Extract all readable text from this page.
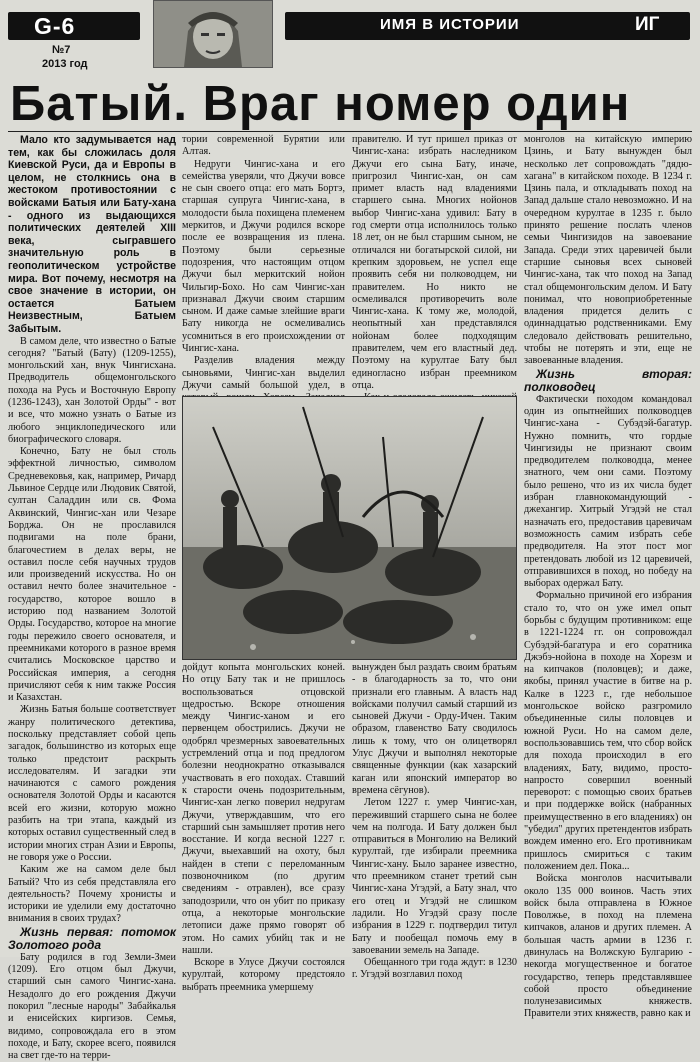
G-6
№7
2013 год
ИМЯ В ИСТОРИИ	ИГ
Батый. Враг номер один

Мало кто задумывается над тем, как бы сложилась доля Киевской Руси, да и Европы в целом, не столкнись она в жестоком противостоянии с войсками Батыя или Бату-хана - одного из выдающихся политических деятелей XIII века, сыгравшего значительную роль в геополитическом устройстве мира. Вот почему, несмотря на свое значение в истории, он остается Батыем Неизвестным, Батыем Забытым.

В самом деле, что известно о Батые сегодня? "Батый (Бату) (1209-1255), монгольский хан, внук Чингисхана. Предводитель общемонгольского похода на Русь и Восточную Европу (1236-1243), хан Золотой Орды" - вот и все, что можно узнать о Батые из любого энциклопедического или биографического словаря.

Конечно, Бату не был столь эффектной личностью, символом Средневековья, как, например, Ричард Львиное Сердце или Людовик Святой, султан Саладдин или св. Фома Аквинский, Чингис-хан или Чезаре Борджа. Он не прославился подвигами на поле брани, благочестием в делах веры, не оставил после себя научных трудов или произведений искусства. Но он оставил нечто более значительное - государство, которое вошло в историю под названием Золотой Орды. Государство, которое на многие годы пережило своего основателя, и преемниками которого в разное время считались Московское царство и Российская империя, а сегодня причисляют себя к ним также Россия и Казахстан.

Жизнь Батыя больше соответствует жанру политического детектива, поскольку представляет собой цепь загадок, большинство из которых еще только предстоит раскрыть исследователям. И загадки эти начинаются с самого рождения основателя Золотой Орды и касаются всей его жизни, которую можно разбить на три этапа, каждый из которых оставил существенный след в истории многих стран Азии и Европы, не говоря уже о России.

Каким же на самом деле был Батый? Что из себя представляла его деятельность? Почему хронисты и историки ие уделили ему достаточно внимания в своих трудах?

Жизнь первая: потомок Золотого рода

Бату родился в год Земли-Змеи (1209). Его отцом был Джучи, старший сын самого Чингис-хана. Незадолго до его рождения Джучи покорил "лесные народы" Забайкалья и енисейских киргизов. Семья, видимо, сопровождала его в этом походе, и Бату, скорее всего, появился на свет где-то на терри-

тории современной Бурятии или Алтая.

Недруги Чингис-хана и его семейства уверяли, что Джучи вовсе не сын своего отца: его мать Бортэ, старшая супруга Чингис-хана, в молодости была похищена племенем меркитов, и Джучи родился вскоре после ее возвращения из плена. Поэтому были серьезные подозрения, что настоящим отцом Джучи был меркитский нойон Чильгир-Бохо. Но сам Чингис-хан признавал Джучи своим старшим сыном. И даже самые злейшие враги Бату никогда не осмеливались усомниться в его происхождении от Чингис-хана.

Разделив владения между сыновьями, Чингис-хан выделил Джучи самый большой удел, в

правителю. И тут пришел приказ от Чингис-хана: избрать наследником Джучи его сына Бату, иначе, пригрозил Чингис-хан, он сам примет власть над владениями старшего сына. Многих нойонов выбор Чингис-хана удивил: Бату в год смерти отца исполнилось только 18 лет, он не был старшим сыном, не отличался ни богатырской силой, ни крепким здоровьем, не успел еще проявить себя ни полководцем, ни правителем. Но никто не осмеливался противоречить воле Чингис-хана. К тому же, молодой, неопытный хан представлялся нойонам более подходящим правителем, чем его властный дед. Поэтому на курултае Бату был единогласно избран преемником отца.

дойдут копыта монгольских коней. Но отцу Бату так и не пришлось воспользоваться отцовской щедростью. Вскоре отношения между Чингис-ханом и его первенцем обострились. Джучи не одобрял чрезмерных завоевательных устремлений отца и под предлогом болезни неоднократно отказывался участвовать в его походах. Ставший к старости очень подозрительным, Чингис-хан легко поверил недругам Джучи, утверждавшим, что его старший сын замышляет против него восстание. И когда весной 1227 г. Джучи, выехавший на охоту, был найден в степи с переломанным позвоночником (по другим сведениям - отравлен), все сразу заподозрили, что он убит по приказу отца, а некоторые монгольские летописи даже прямо говорят об этом. Но самих убийц так и не нашли.

Вскоре в Улусе Джучи состоялся курултай, которому предстояло выбрать преемника умершему

вынужден был раздать своим братьям - в благодарность за то, что они признали его главным. А власть над войсками получил самый старший из сыновей Джучи - Орду-Ичен. Таким образом, главенство Бату сводилось лишь к тому, что он олицетворял Улус Джучи и выполнял некоторые священные функции (как хазарский каган или японский император во времена сёгунов).

Летом 1227 г. умер Чингис-хан, переживший старшего сына не более чем на полгода. И Бату должен был отправиться в Монголию на Великий курултай, где избирали преемника Чингис-хану. Было заранее известно, что преемником станет третий сын Чингис-хана Угэдэй, а Бату знал, что его отец и Угэдэй не слишком ладили. Но Угэдэй сразу после избрания в 1229 г. подтвердил титул Бату и пообещал помочь ему в завоевании земель на Западе.

Обещанного три года ждут: в 1230 г. Угэдэй возглавил поход

монголов на китайскую империю Цзинь, и Бату вынужден был несколько лет сопровождать "дядю-хагана" в китайском походе. В 1234 г. Цзинь пала, и откладывать поход на Запад дальше стало невозможно. И на очередном курултае в 1235 г. было принято решение послать членов семьи Чингизидов на завоевание Запада. Среди этих царевичей были старшие сыновья всех сыновей Чингис-хана, так что поход на Запад стал общемонгольским делом. И Бату понимал, что новоприобретенные владения придется делить с одиннадцатью родственниками. Ему следовало действовать решительно, чтобы не потерять и эти, еще не завоеванные владения.

Жизнь вторая: полководец

Фактически походом командовал один из опытнейших полководцев Чингис-хана - Субэдэй-багатур. Нужно помнить, что гордые Чингизиды не признают своим предводителем полководца, менее знатного, чем они сами. Поэтому было решено, что из их числа будет избран главнокомандующий - джехангир. Хитрый Угэдэй не стал назначать его, предоставив царевичам возможность самим избрать себе предводителя. На этот пост мог претендовать любой из 12 царевичей, отправившихся в поход, но победу на выборах одержал Бату.

Формально причиной его избрания стало то, что он уже имел опыт борьбы с будущим противником: еще в 1221-1224 гг. он сопровождал Субэдэй-багатура и его соратника Джэбэ-нойона в походе на Хорезм и на кипчаков (половцев); и даже, якобы, принял участие в битве на р. Калке в 1223 г., где небольшое монгольское войско разгромило объединенные силы половцев и южной Руси. Но на самом деле, воспользовавшись тем, что сбор войск для похода происходил в его владениях, Бату, видимо, просто-напросто совершил военный переворот: с помощью своих братьев и при поддержке войск (набранных преимущественно в его владениях) он "убедил" других претендентов избрать вождем именно его. Его противникам пришлось смириться с таким положением дел. Пока...

Войска монголов насчитывали около 135 000 воинов. Часть этих войск была отправлена в Южное Поволжье, в поход на племена кипчаков, аланов и других племен. А большая часть армии в 1236 г. двинулась на Волжскую Булгарию - некогда могущественное и богатое государство, теперь представлявшее собой просто объединение полунезависимых княжеств. Правители этих княжеств, равно как и
